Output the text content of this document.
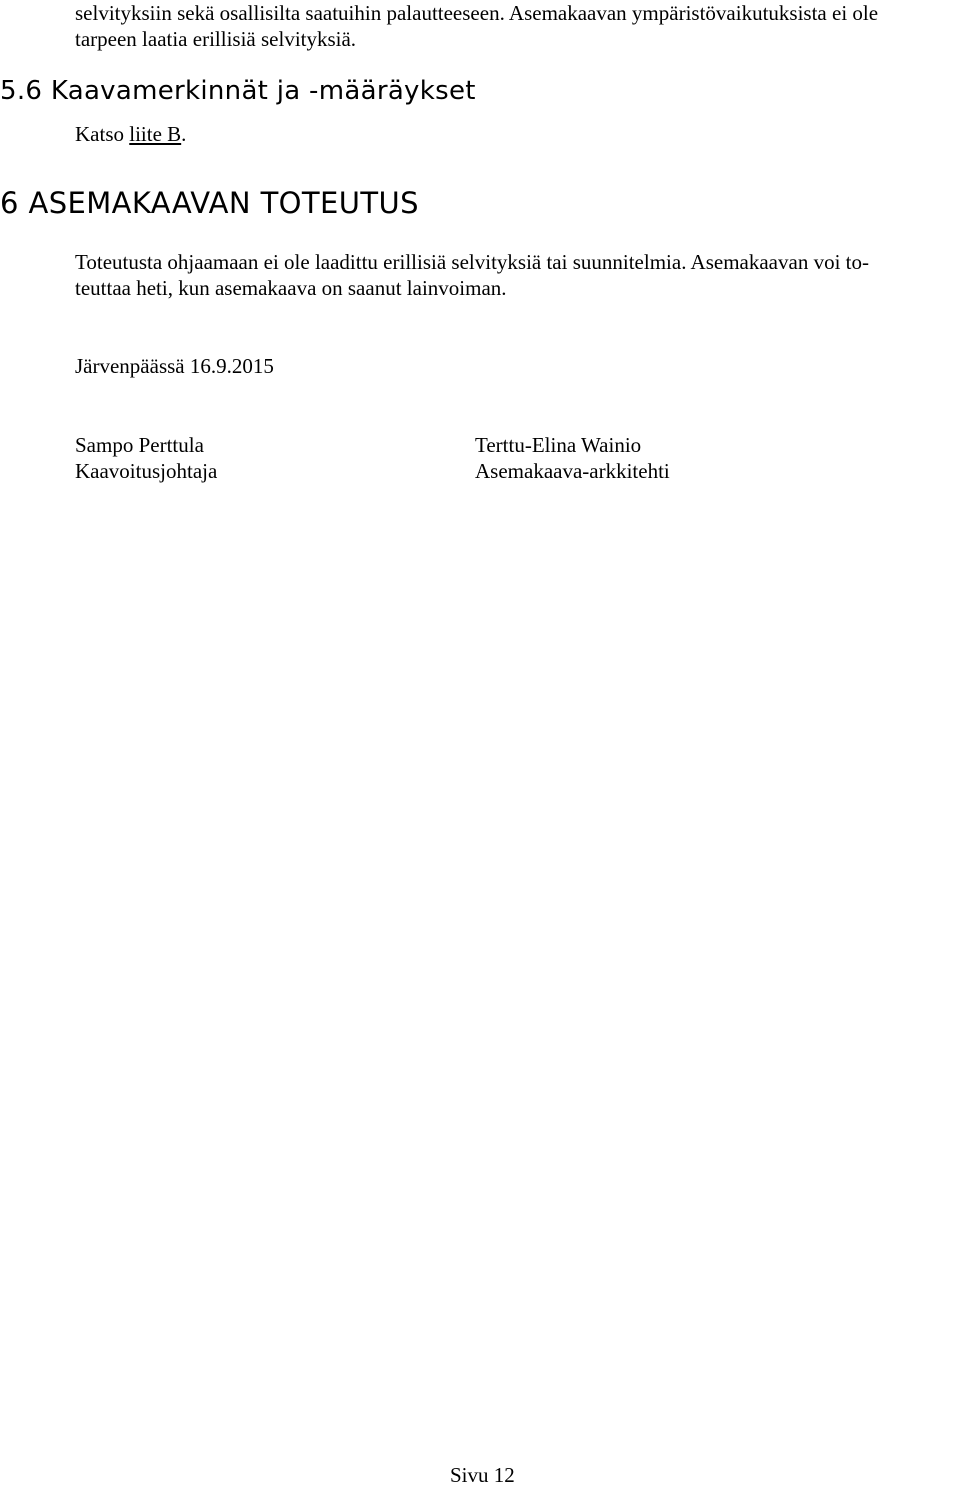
selvityksiin sekä osallisilta saatuihin palautteeseen. Asemakaavan ympäristövaikutuksista ei ole
tarpeen laatia erillisiä selvityksiä.
5.6 Kaavamerkinnät ja -määräykset
Katso liite B.
6 ASEMAKAAVAN TOTEUTUS
Toteutusta ohjaamaan ei ole laadittu erillisiä selvityksiä tai suunnitelmia. Asemakaavan voi to-
teuttaa heti, kun asemakaava on saanut lainvoiman.
Järvenpäässä 16.9.2015
Sampo Perttula
Kaavoitusjohtaja
Terttu-Elina Wainio
Asemakaava-arkkitehti
Sivu 12
